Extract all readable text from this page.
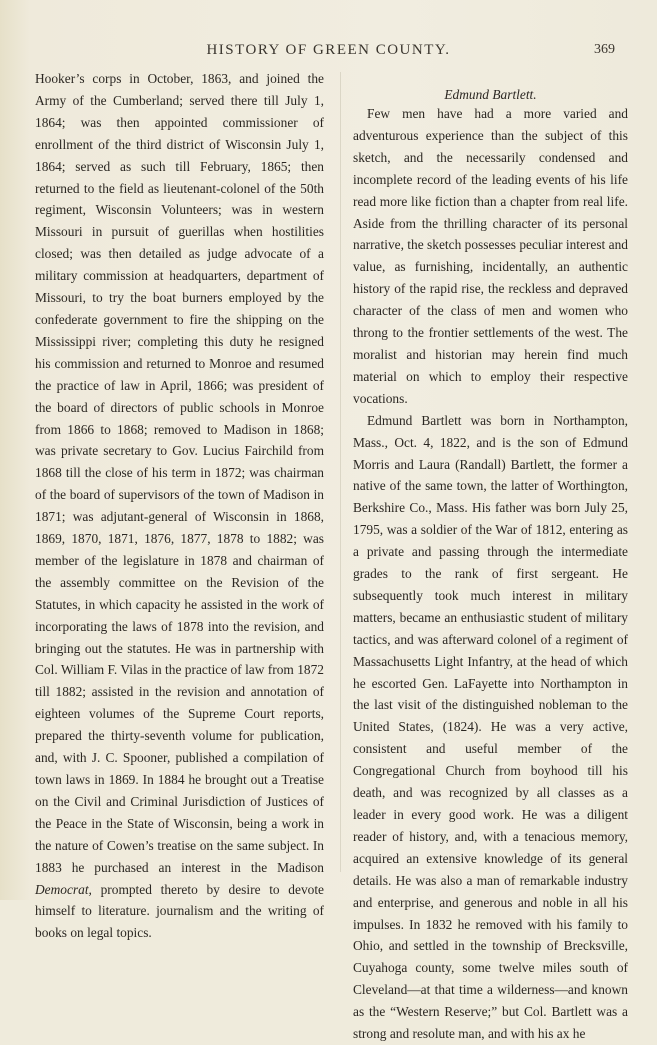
HISTORY OF GREEN COUNTY.	369

Hooker’s corps in October, 1863, and joined the Army of the Cumberland; served there till July 1, 1864; was then appointed commissioner of enrollment of the third district of Wisconsin July 1, 1864; served as such till February, 1865; then returned to the field as lieutenant-colonel of the 50th regiment, Wisconsin Volunteers; was in western Missouri in pursuit of guerillas when hostilities closed; was then detailed as judge advocate of a military commission at headquarters, department of Missouri, to try the boat burners employed by the confederate government to fire the shipping on the Mississippi river; completing this duty he resigned his commission and returned to Monroe and resumed the practice of law in April, 1866; was president of the board of directors of public schools in Monroe from 1866 to 1868; removed to Madison in 1868; was private secretary to Gov. Lucius Fairchild from 1868 till the close of his term in 1872; was chairman of the board of supervisors of the town of Madison in 1871; was adjutant-general of Wisconsin in 1868, 1869, 1870, 1871, 1876, 1877, 1878 to 1882; was member of the legislature in 1878 and chairman of the assembly committee on the Revision of the Statutes, in which capacity he assisted in the work of incorporating the laws of 1878 into the revision, and bringing out the statutes. He was in partnership with Col. William F. Vilas in the practice of law from 1872 till 1882; assisted in the revision and annotation of eighteen volumes of the Supreme Court reports, prepared the thirty-seventh volume for publication, and, with J. C. Spooner, published a compilation of town laws in 1869. In 1884 he brought out a Treatise on the Civil and Criminal Jurisdiction of Justices of the Peace in the State of Wisconsin, being a work in the nature of Cowen’s treatise on the same subject. In 1883 he purchased an interest in the Madison Democrat, prompted thereto by desire to devote himself to literature. journalism and the writing of books on legal topics.

Edmund Bartlett.

Few men have had a more varied and adventurous experience than the subject of this sketch, and the necessarily condensed and incomplete record of the leading events of his life read more like fiction than a chapter from real life. Aside from the thrilling character of its personal narrative, the sketch possesses peculiar interest and value, as furnishing, incidentally, an authentic history of the rapid rise, the reckless and depraved character of the class of men and women who throng to the frontier settlements of the west. The moralist and historian may herein find much material on which to employ their respective vocations.

Edmund Bartlett was born in Northampton, Mass., Oct. 4, 1822, and is the son of Edmund Morris and Laura (Randall) Bartlett, the former a native of the same town, the latter of Worthington, Berkshire Co., Mass. His father was born July 25, 1795, was a soldier of the War of 1812, entering as a private and passing through the intermediate grades to the rank of first sergeant. He subsequently took much interest in military matters, became an enthusiastic student of military tactics, and was afterward colonel of a regiment of Massachusetts Light Infantry, at the head of which he escorted Gen. LaFayette into Northampton in the last visit of the distinguished nobleman to the United States, (1824). He was a very active, consistent and useful member of the Congregational Church from boyhood till his death, and was recognized by all classes as a leader in every good work. He was a diligent reader of history, and, with a tenacious memory, acquired an extensive knowledge of its general details. He was also a man of remarkable industry and enterprise, and generous and noble in all his impulses. In 1832 he removed with his family to Ohio, and settled in the township of Brecksville, Cuyahoga county, some twelve miles south of Cleveland—at that time a wilderness—and known as the “Western Reserve;” but Col. Bartlett was a strong and resolute man, and with his ax he
